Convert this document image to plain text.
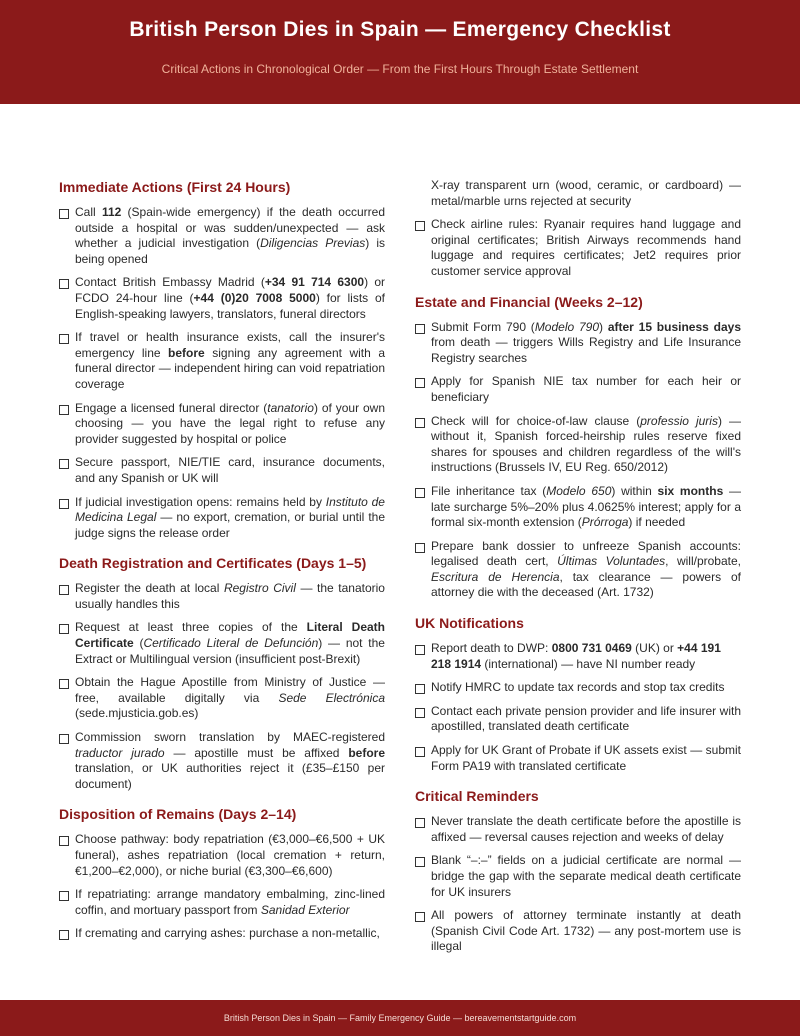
British Person Dies in Spain — Emergency Checklist
Critical Actions in Chronological Order — From the First Hours Through Estate Settlement
Immediate Actions (First 24 Hours)
Call 112 (Spain-wide emergency) if the death occurred outside a hospital or was sudden/unexpected — ask whether a judicial investigation (Diligencias Previas) is being opened
Contact British Embassy Madrid (+34 91 714 6300) or FCDO 24-hour line (+44 (0)20 7008 5000) for lists of English-speaking lawyers, translators, funeral directors
If travel or health insurance exists, call the insurer's emergency line before signing any agreement with a funeral director — independent hiring can void repatriation coverage
Engage a licensed funeral director (tanatorio) of your own choosing — you have the legal right to refuse any provider suggested by hospital or police
Secure passport, NIE/TIE card, insurance documents, and any Spanish or UK will
If judicial investigation opens: remains held by Instituto de Medicina Legal — no export, cremation, or burial until the judge signs the release order
Death Registration and Certificates (Days 1–5)
Register the death at local Registro Civil — the tanatorio usually handles this
Request at least three copies of the Literal Death Certificate (Certificado Literal de Defunción) — not the Extract or Multilingual version (insufficient post-Brexit)
Obtain the Hague Apostille from Ministry of Justice — free, available digitally via Sede Electrónica (sede.mjusticia.gob.es)
Commission sworn translation by MAEC-registered traductor jurado — apostille must be affixed before translation, or UK authorities reject it (£35–£150 per document)
Disposition of Remains (Days 2–14)
Choose pathway: body repatriation (€3,000–€6,500 + UK funeral), ashes repatriation (local cremation + return, €1,200–€2,000), or niche burial (€3,300–€6,600)
If repatriating: arrange mandatory embalming, zinc-lined coffin, and mortuary passport from Sanidad Exterior
If cremating and carrying ashes: purchase a non-metallic,
X-ray transparent urn (wood, ceramic, or cardboard) — metal/marble urns rejected at security
Check airline rules: Ryanair requires hand luggage and original certificates; British Airways recommends hand luggage and requires certificates; Jet2 requires prior customer service approval
Estate and Financial (Weeks 2–12)
Submit Form 790 (Modelo 790) after 15 business days from death — triggers Wills Registry and Life Insurance Registry searches
Apply for Spanish NIE tax number for each heir or beneficiary
Check will for choice-of-law clause (professio juris) — without it, Spanish forced-heirship rules reserve fixed shares for spouses and children regardless of the will's instructions (Brussels IV, EU Reg. 650/2012)
File inheritance tax (Modelo 650) within six months — late surcharge 5%–20% plus 4.0625% interest; apply for a formal six-month extension (Prórroga) if needed
Prepare bank dossier to unfreeze Spanish accounts: legalised death cert, Últimas Voluntades, will/probate, Escritura de Herencia, tax clearance — powers of attorney die with the deceased (Art. 1732)
UK Notifications
Report death to DWP: 0800 731 0469 (UK) or +44 191 218 1914 (international) — have NI number ready
Notify HMRC to update tax records and stop tax credits
Contact each private pension provider and life insurer with apostilled, translated death certificate
Apply for UK Grant of Probate if UK assets exist — submit Form PA19 with translated certificate
Critical Reminders
Never translate the death certificate before the apostille is affixed — reversal causes rejection and weeks of delay
Blank “–:–” fields on a judicial certificate are normal — bridge the gap with the separate medical death certificate for UK insurers
All powers of attorney terminate instantly at death (Spanish Civil Code Art. 1732) — any post-mortem use is illegal
British Person Dies in Spain — Family Emergency Guide — bereavementstartguide.com
